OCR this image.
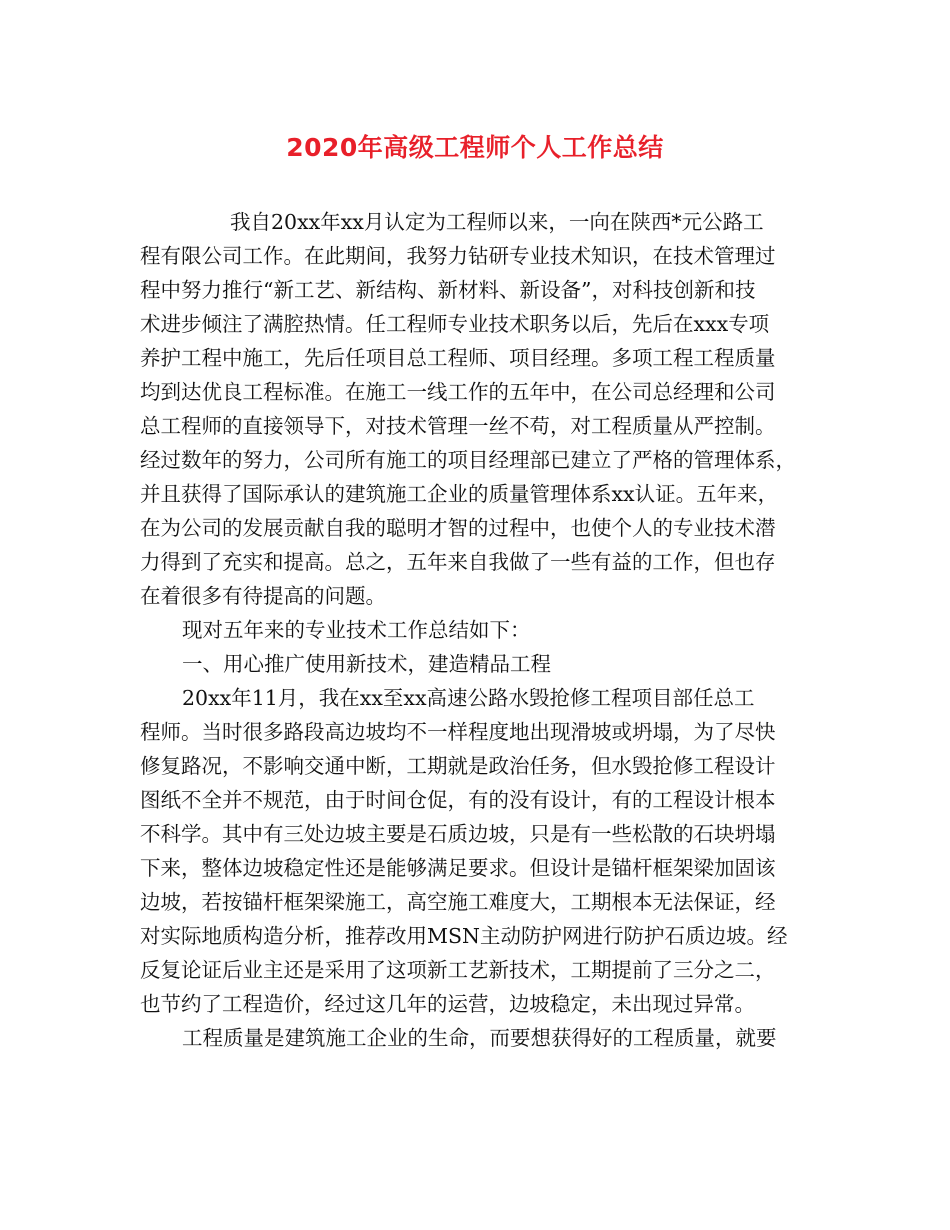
2020年高级工程师个人工作总结
我自20xx年xx月认定为工程师以来，一向在陕西*元公路工
程有限公司工作。在此期间，我努力钻研专业技术知识，在技术管理过
程中努力推行“新工艺、新结构、新材料、新设备”，对科技创新和技
术进步倾注了满腔热情。任工程师专业技术职务以后，先后在xxx专项
养护工程中施工，先后任项目总工程师、项目经理。多项工程工程质量
均到达优良工程标准。在施工一线工作的五年中，在公司总经理和公司
总工程师的直接领导下，对技术管理一丝不苟，对工程质量从严控制。
经过数年的努力，公司所有施工的项目经理部已建立了严格的管理体系，
并且获得了国际承认的建筑施工企业的质量管理体系xx认证。五年来，
在为公司的发展贡献自我的聪明才智的过程中，也使个人的专业技术潜
力得到了充实和提高。总之，五年来自我做了一些有益的工作，但也存
在着很多有待提高的问题。
现对五年来的专业技术工作总结如下：
一、用心推广使用新技术，建造精品工程
20xx年11月，我在xx至xx高速公路水毁抢修工程项目部任总工
程师。当时很多路段高边坡均不一样程度地出现滑坡或坍塌，为了尽快
修复路况，不影响交通中断，工期就是政治任务，但水毁抢修工程设计
图纸不全并不规范，由于时间仓促，有的没有设计，有的工程设计根本
不科学。其中有三处边坡主要是石质边坡，只是有一些松散的石块坍塌
下来，整体边坡稳定性还是能够满足要求。但设计是锚杆框架梁加固该
边坡，若按锚杆框架梁施工，高空施工难度大，工期根本无法保证，经
对实际地质构造分析，推荐改用MSN主动防护网进行防护石质边坡。经
反复论证后业主还是采用了这项新工艺新技术，工期提前了三分之二，
也节约了工程造价，经过这几年的运营，边坡稳定，未出现过异常。
工程质量是建筑施工企业的生命，而要想获得好的工程质量，就要
